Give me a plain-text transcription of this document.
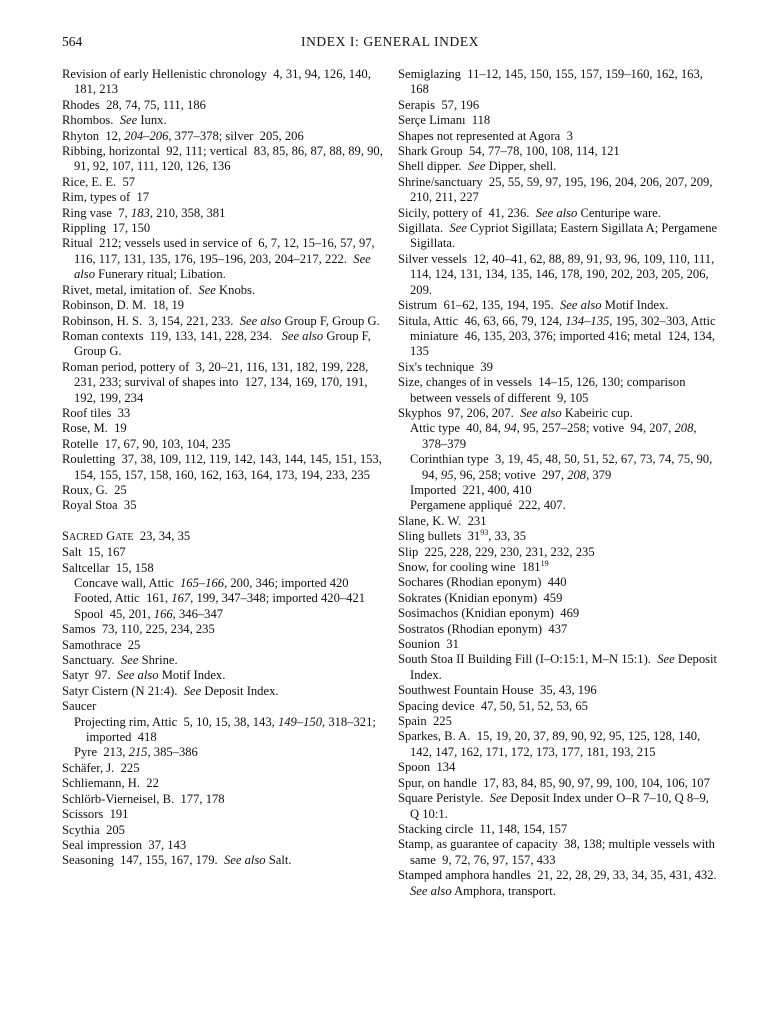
564	INDEX I: GENERAL INDEX

Revision of early Hellenistic chronology  4, 31, 94, 126, 140, 181, 213

Rhodes  28, 74, 75, 111, 186

Rhombos.  See Iunx.

Rhyton  12, 204–206, 377–378; silver  205, 206

Ribbing, horizontal  92, 111; vertical  83, 85, 86, 87, 88, 89, 90, 91, 92, 107, 111, 120, 126, 136

Rice, E. E.  57

Rim, types of  17

Ring vase  7, 183, 210, 358, 381

Rippling  17, 150

Ritual  212; vessels used in service of  6, 7, 12, 15–16, 57, 97, 116, 117, 131, 135, 176, 195–196, 203, 204–217, 222.  See also Funerary ritual; Libation.

Rivet, metal, imitation of.  See Knobs.

Robinson, D. M.  18, 19

Robinson, H. S.  3, 154, 221, 233.  See also Group F, Group G.

Roman contexts  119, 133, 141, 228, 234.   See also Group F, Group G.

Roman period, pottery of  3, 20–21, 116, 131, 182, 199, 228, 231, 233; survival of shapes into  127, 134, 169, 170, 191, 192, 199, 234

Roof tiles  33

Rose, M.  19

Rotelle  17, 67, 90, 103, 104, 235

Rouletting  37, 38, 109, 112, 119, 142, 143, 144, 145, 151, 153, 154, 155, 157, 158, 160, 162, 163, 164, 173, 194, 233, 235

Roux, G.  25

Royal Stoa  35

SACRED GATE  23, 34, 35

Salt  15, 167

Saltcellar  15, 158

Concave wall, Attic  165–166, 200, 346; imported 420

Footed, Attic  161, 167, 199, 347–348; imported 420–421

Spool  45, 201, 166, 346–347

Samos  73, 110, 225, 234, 235

Samothrace  25

Sanctuary.  See Shrine.

Satyr  97.  See also Motif Index.

Satyr Cistern (N 21:4).  See Deposit Index.

Saucer

Projecting rim, Attic  5, 10, 15, 38, 143, 149–150, 318–321; imported  418

Pyre  213, 215, 385–386

Schäfer, J.  225

Schliemann, H.  22

Schlörb-Vierneisel, B.  177, 178

Scissors  191

Scythia  205

Seal impression  37, 143

Seasoning  147, 155, 167, 179.  See also Salt.

Semiglazing  11–12, 145, 150, 155, 157, 159–160, 162, 163, 168

Serapis  57, 196

Serçe Limanı  118

Shapes not represented at Agora  3

Shark Group  54, 77–78, 100, 108, 114, 121

Shell dipper.  See Dipper, shell.

Shrine/sanctuary  25, 55, 59, 97, 195, 196, 204, 206, 207, 209, 210, 211, 227

Sicily, pottery of  41, 236.  See also Centuripe ware.

Sigillata.  See Cypriot Sigillata; Eastern Sigillata A; Pergamene Sigillata.

Silver vessels  12, 40–41, 62, 88, 89, 91, 93, 96, 109, 110, 111, 114, 124, 131, 134, 135, 146, 178, 190, 202, 203, 205, 206, 209.

Sistrum  61–62, 135, 194, 195.  See also Motif Index.

Situla, Attic  46, 63, 66, 79, 124, 134–135, 195, 302–303, Attic miniature  46, 135, 203, 376; imported 416; metal  124, 134, 135

Six's technique  39

Size, changes of in vessels  14–15, 126, 130; comparison between vessels of different  9, 105

Skyphos  97, 206, 207.  See also Kabeiric cup.

Attic type  40, 84, 94, 95, 257–258; votive  94, 207, 208, 378–379

Corinthian type  3, 19, 45, 48, 50, 51, 52, 67, 73, 74, 75, 90, 94, 95, 96, 258; votive  297, 208, 379

Imported  221, 400, 410

Pergamene appliqué  222, 407.

Slane, K. W.  231

Sling bullets  $31^{93}$, 33, 35

Slip  225, 228, 229, 230, 231, 232, 235

Snow, for cooling wine  $181^{19}$

Sochares (Rhodian eponym)  440

Sokrates (Knidian eponym)  459

Sosimachos (Knidian eponym)  469

Sostratos (Rhodian eponym)  437

Sounion  31

South Stoa II Building Fill (I–O:15:1, M–N 15:1).  See Deposit Index.

Southwest Fountain House  35, 43, 196

Spacing device  47, 50, 51, 52, 53, 65

Spain  225

Sparkes, B. A.  15, 19, 20, 37, 89, 90, 92, 95, 125, 128, 140, 142, 147, 162, 171, 172, 173, 177, 181, 193, 215

Spoon  134

Spur, on handle  17, 83, 84, 85, 90, 97, 99, 100, 104, 106, 107

Square Peristyle.  See Deposit Index under O–R 7–10, Q 8–9, Q 10:1.

Stacking circle  11, 148, 154, 157

Stamp, as guarantee of capacity  38, 138; multiple vessels with same  9, 72, 76, 97, 157, 433

Stamped amphora handles  21, 22, 28, 29, 33, 34, 35, 431, 432.  See also Amphora, transport.
